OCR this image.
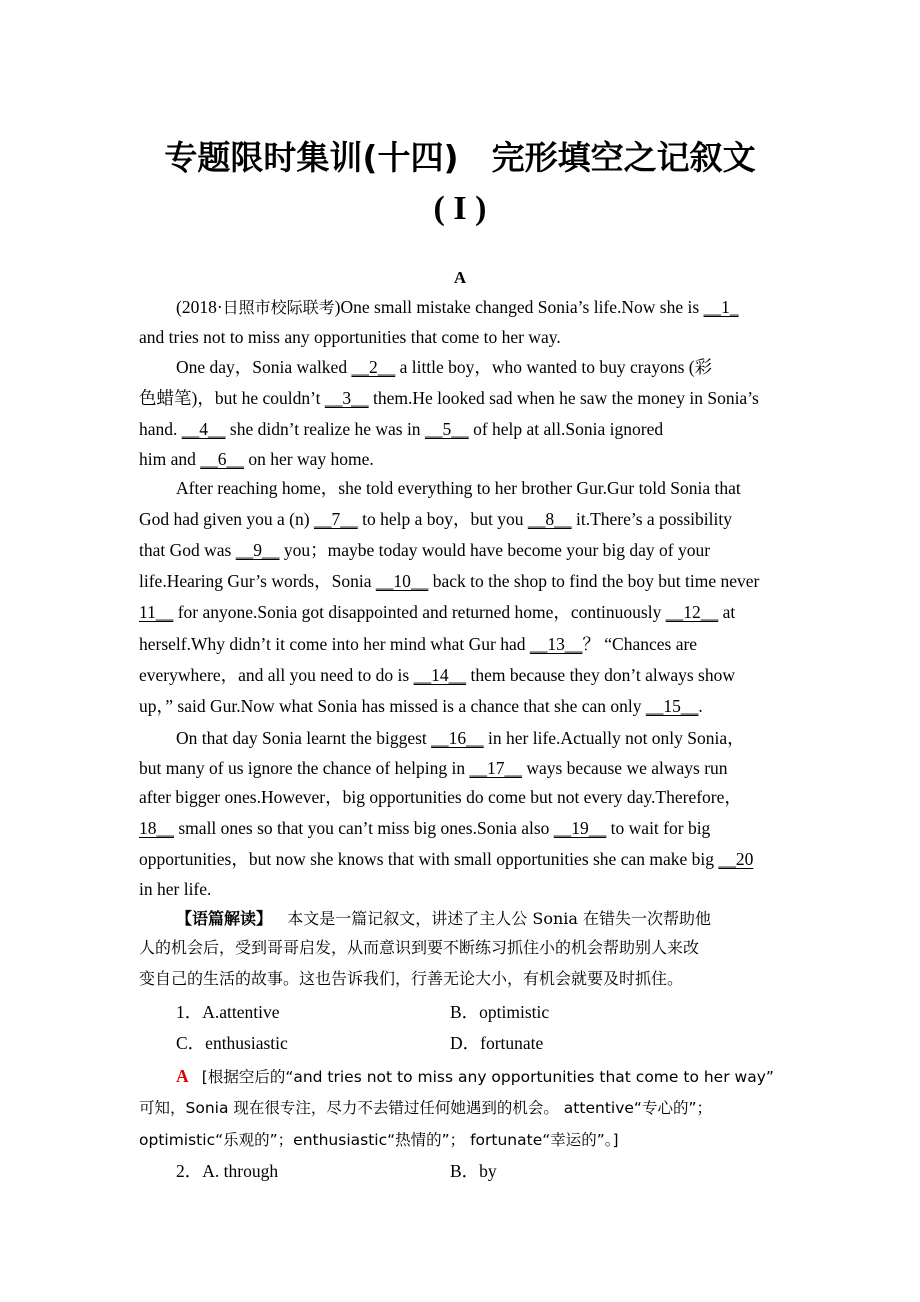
专题限时集训(十四)　完形填空之记叙文
( I )
A
(2018·日照市校际联考)One small mistake changed Sonia’s life.Now she is __1_
and tries not to miss any opportunities that come to her way.
One day，Sonia walked __2__ a little boy，who wanted to buy crayons (彩
色蜡笔)，but he couldn’t __3__ them.He looked sad when he saw the money in Sonia’s
hand. __4__ she didn’t realize he was in __5__ of help at all.Sonia ignored
him and __6__ on her way home.
After reaching home，she told everything to her brother Gur.Gur told Sonia that
God had given you a (n) __7__ to help a boy，but you __8__ it.There’s a possibility
that God was __9__ you；maybe today would have become your big day of your
life.Hearing Gur’s words，Sonia __10__ back to the shop to find the boy but time never
11__ for anyone.Sonia got disappointed and returned home，continuously __12__ at
herself.Why didn’t it come into her mind what Gur had __13__？ “Chances are
everywhere，and all you need to do is __14__ them because they don’t always show
up，” said Gur.Now what Sonia has missed is a chance that she can only __15__.
On that day Sonia learnt the biggest __16__ in her life.Actually not only Sonia，
but many of us ignore the chance of helping in __17__ ways because we always run
after bigger ones.However，big opportunities do come but not every day.Therefore，
18__ small ones so that you can’t miss big ones.Sonia also __19__ to wait for big
opportunities，but now she knows that with small opportunities she can make big __20
in her life.
【语篇解读】 本文是一篇记叙文，讲述了主人公 Sonia 在错失一次帮助他
人的机会后，受到哥哥启发，从而意识到要不断练习抓住小的机会帮助别人来改
变自己的生活的故事。这也告诉我们，行善无论大小，有机会就要及时抓住。
1．A.attentive	B．optimistic
C．enthusiastic	D．fortunate
A [根据空后的“and tries not to miss any opportunities that come to her way”
可知，Sonia 现在很专注，尽力不去错过任何她遇到的机会。 attentive“专心的”；
optimistic“乐观的”；enthusiastic“热情的”； fortunate“幸运的”。]
2．A. through	B．by
